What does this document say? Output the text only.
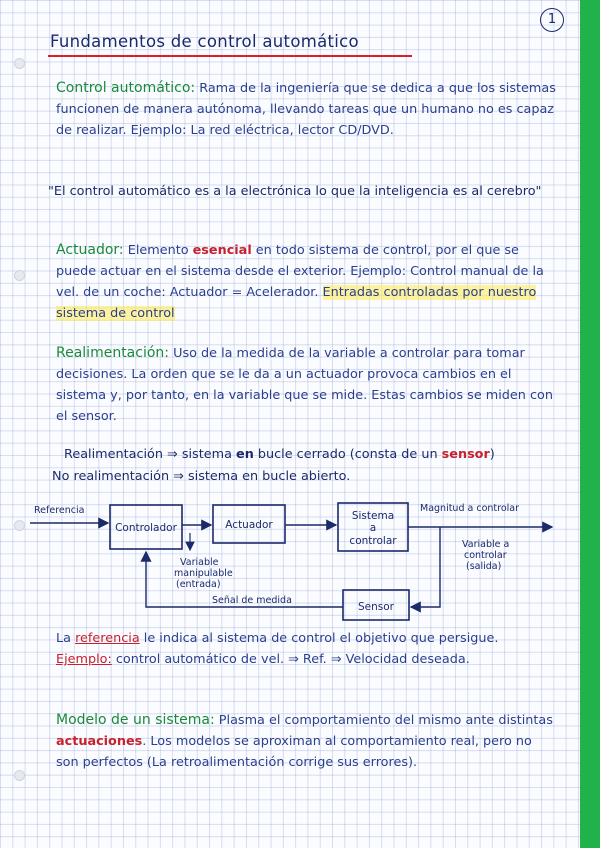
1
Fundamentos de control automático

Control automático: Rama de la ingeniería que se dedica a que los sistemas funcionen de manera autónoma, llevando tareas que un humano no es capaz de realizar. Ejemplo: La red eléctrica, lector CD/DVD.

"El control automático es a la electrónica lo que la inteligencia es al cerebro"

Actuador: Elemento esencial en todo sistema de control, por el que se puede actuar en el sistema desde el exterior. Ejemplo: Control manual de la vel. de un coche: Actuador = Acelerador. Entradas controladas por nuestro sistema de control

Realimentación: Uso de la medida de la variable a controlar para tomar decisiones. La orden que se le da a un actuador provoca cambios en el sistema y, por tanto, en la variable que se mide. Estas cambios se miden con el sensor.

Realimentación ⇒ sistema en bucle cerrado (consta de un sensor)

No realimentación ⇒ sistema en bucle abierto.

Referencia
Controlador	Actuador
Sistema
a
controlar
Magnitud a controlar
Variable a
controlar
(salida)
Variable
manipulable
(entrada)
Sensor
Señal de medida

La referencia le indica al sistema de control el objetivo que persigue. Ejemplo: control automático de vel. ⇒ Ref. ⇒ Velocidad deseada.

Modelo de un sistema: Plasma el comportamiento del mismo ante distintas actuaciones. Los modelos se aproximan al comportamiento real, pero no son perfectos (La retroalimentación corrige sus errores).
